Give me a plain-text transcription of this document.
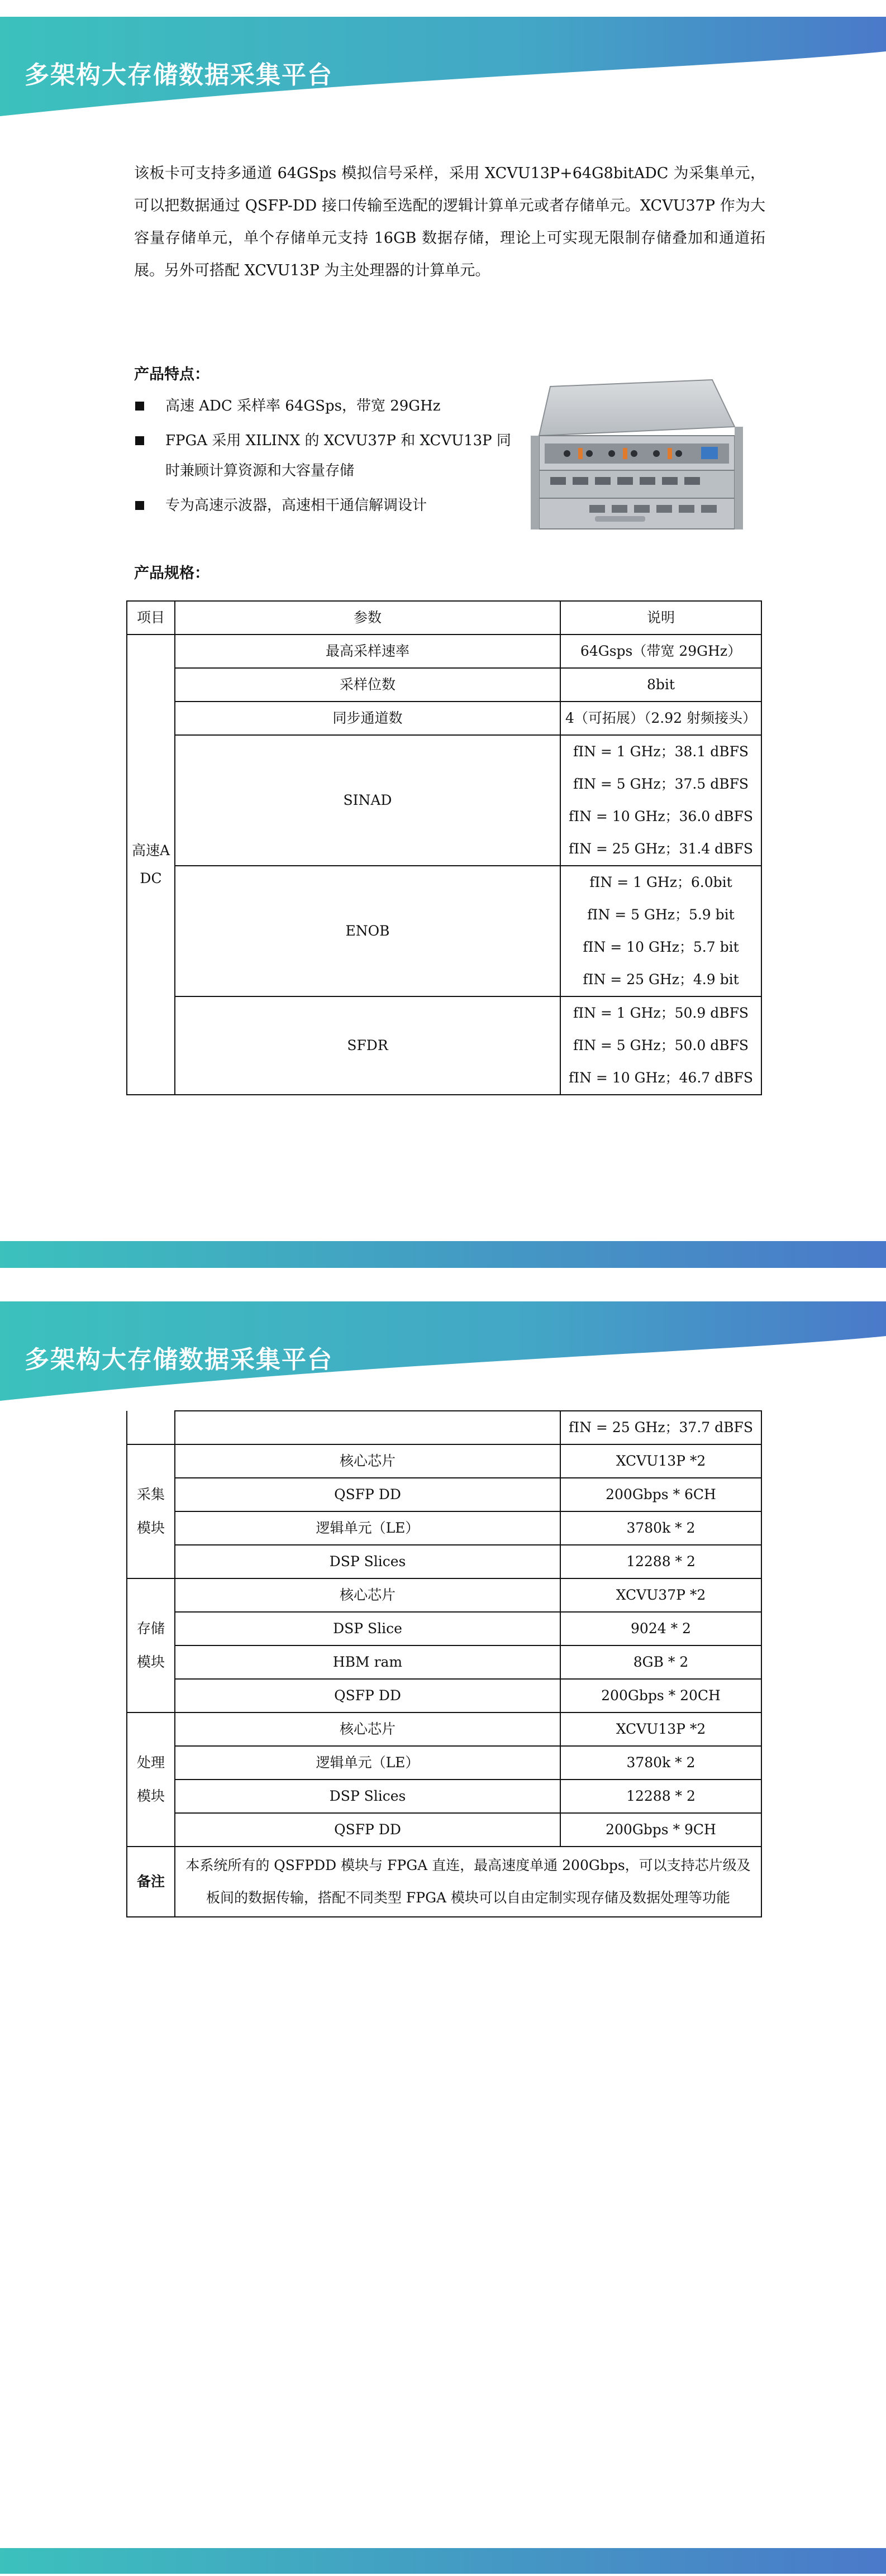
多架构大存储数据采集平台
该板卡可支持多通道 64GSps 模拟信号采样，采用 XCVU13P+64G8bitADC 为采集单元，可以把数据通过 QSFP-DD 接口传输至选配的逻辑计算单元或者存储单元。XCVU37P 作为大容量存储单元，单个存储单元支持 16GB 数据存储，理论上可实现无限制存储叠加和通道拓展。另外可搭配 XCVU13P 为主处理器的计算单元。
产品特点：
高速 ADC 采样率 64GSps，带宽 29GHz
FPGA 采用 XILINX 的 XCVU37P 和 XCVU13P 同时兼顾计算资源和大容量存储
专为高速示波器，高速相干通信解调设计
产品规格：
项目	参数	说明
高速ADC	最高采样速率	64Gsps（带宽 29GHz）
	采样位数	8bit
	同步通道数	4（可拓展）（2.92 射频接头）
	SINAD	fIN = 1 GHz；38.1 dBFS
fIN = 5 GHz；37.5 dBFS
fIN = 10 GHz；36.0 dBFS
fIN = 25 GHz；31.4 dBFS

	ENOB	fIN = 1 GHz；6.0bit
fIN = 5 GHz；5.9 bit
fIN = 10 GHz；5.7 bit
fIN = 25 GHz；4.9 bit

	SFDR	fIN = 1 GHz；50.9 dBFS
fIN = 5 GHz；50.0 dBFS
fIN = 10 GHz；46.7 dBFS
多架构大存储数据采集平台
		fIN = 25 GHz；37.7 dBFS
采集模块	核心芯片	XCVU13P *2
	QSFP DD	200Gbps * 6CH
	逻辑单元（LE）	3780k * 2
	DSP Slices	12288 * 2
存储模块	核心芯片	XCVU37P *2
	DSP Slice	9024 * 2
	HBM ram	8GB * 2
	QSFP DD	200Gbps * 20CH
处理模块	核心芯片	XCVU13P *2
	逻辑单元（LE）	3780k * 2
	DSP Slices	12288 * 2
	QSFP DD	200Gbps * 9CH
备注	本系统所有的 QSFPDD 模块与 FPGA 直连，最高速度单通 200Gbps，可以支持芯片级及板间的数据传输，搭配不同类型 FPGA 模块可以自由定制实现存储及数据处理等功能	
